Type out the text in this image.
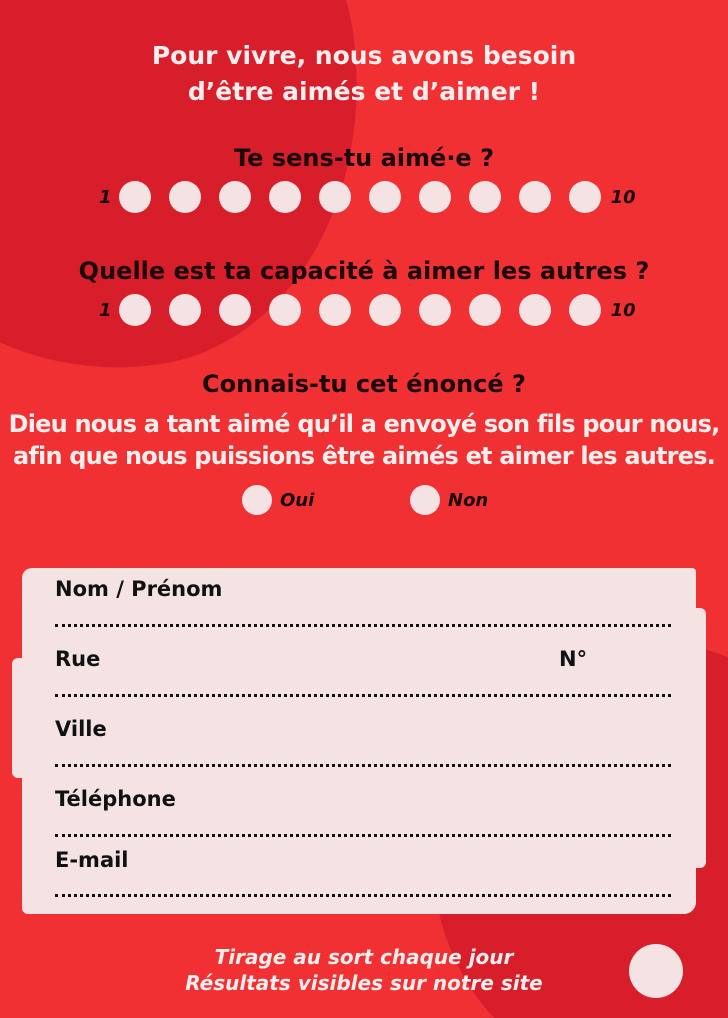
Pour vivre, nous avons besoin
d’être aimés et d’aimer !
Te sens-tu aimé·e ?
1	10
Quelle est ta capacité à aimer les autres ?
1	10
Connais-tu cet énoncé ?
Dieu nous a tant aimé qu’il a envoyé son fils pour nous,
afin que nous puissions être aimés et aimer les autres.
Oui	Non
Nom / Prénom
Rue	N°
Ville
Téléphone
E-mail
Tirage au sort chaque jour
Résultats visibles sur notre site
